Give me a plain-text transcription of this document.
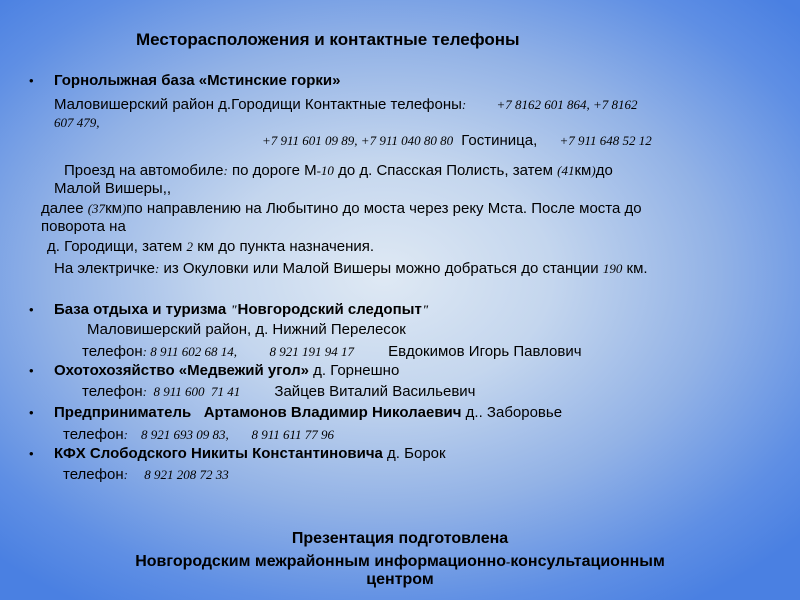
Месторасположения и контактные телефоны
• Горнолыжная база «Мстинские горки»
Маловишерский район д.Городищи Контактные телефоны: +7 8162 601 864, +7 8162
607 479,
+7 911 601 09 89, +7 911 040 80 80 Гостиница, +7 911 648 52 12
Проезд на автомобиле: по дороге М-10 до д. Спасская Полисть, затем (41км)до
Малой Вишеры,,
далее (37км)по направлению на Любытино до моста через реку Мста. После моста до
поворота на
д. Городищи, затем 2 км до пункта назначения.
На электричке: из Окуловки или Малой Вишеры можно добраться до станции 190 км.
• База отдыха и туризма "Новгородский следопыт"
Маловишерский район, д. Нижний Перелесок
телефон: 8 911 602 68 14,          8 921 191 94 17 Евдокимов Игорь Павлович
• Охотохозяйство «Медвежий угол» д. Горнешно
телефон:  8 911 600  71 41 Зайцев Виталий Васильевич
• Предприниматель   Артамонов Владимир Николаевич д.. Заборовье
телефон:    8 921 693 09 83,       8 911 611 77 96
• КФХ Слободского Никиты Константиновича д. Борок
телефон:     8 921 208 72 33
Презентация подготовлена
Новгородским межрайонным информационно-консультационным
центром
